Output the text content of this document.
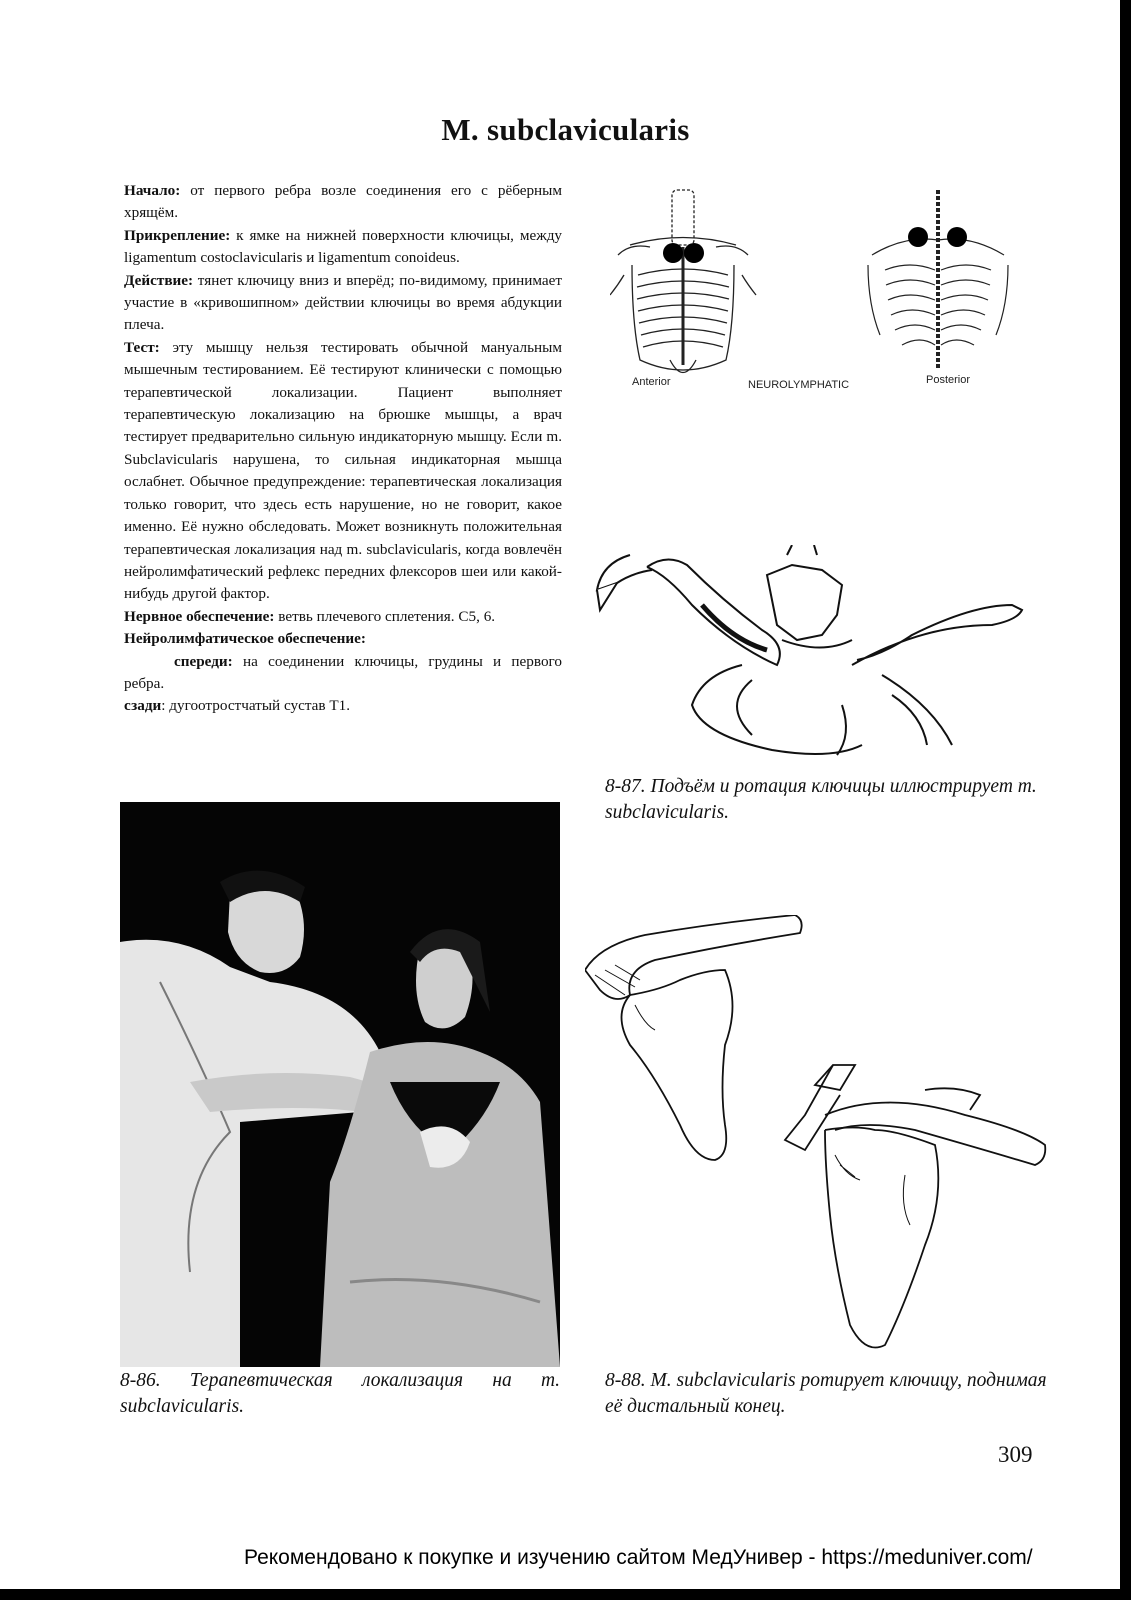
M. subclavicularis

Начало: от первого ребра возле соединения его с рёберным хрящём.

Прикрепление: к ямке на нижней поверхности ключицы, между ligamentum costoclavicularis и ligamentum conoideus.

Действие: тянет ключицу вниз и вперёд; по-видимому, принимает участие в «кривошипном» действии ключицы во время абдукции плеча.

Тест: эту мышцу нельзя тестировать обычной мануальным мышечным тестированием. Её тестируют клинически с помощью терапевтической локализации. Пациент выполняет терапевтическую локализацию на брюшке мышцы, а врач тестирует предварительно сильную индикаторную мышцу. Если m. Subclavicularis нарушена, то сильная индикаторная мышца ослабнет. Обычное предупреждение: терапевтическая локализация только говорит, что здесь есть нарушение, но не говорит, какое именно. Её нужно обследовать. Может возникнуть положительная терапевтическая локализация над m. subclavicularis, когда вовлечён нейролимфатический рефлекс передних флексоров шеи или какой-нибудь другой фактор.

Нервное обеспечение: ветвь плечевого сплетения. C5, 6.

Нейролимфатическое обеспечение:

спереди: на соединении ключицы, грудины и первого ребра.

сзади: дугоотростчатый сустав T1.

Anterior	NEUROLYMPHATIC	Posterior
8-87. Подъём и ротация ключицы иллюстрирует m. subclavicularis.
8-86. Терапевтическая локализация на m. subclavicularis.
8-88. M. subclavicularis ротирует ключицу, поднимая её дистальный конец.
309
Рекомендовано к покупке и изучению сайтом МедУнивер - https://meduniver.com/
